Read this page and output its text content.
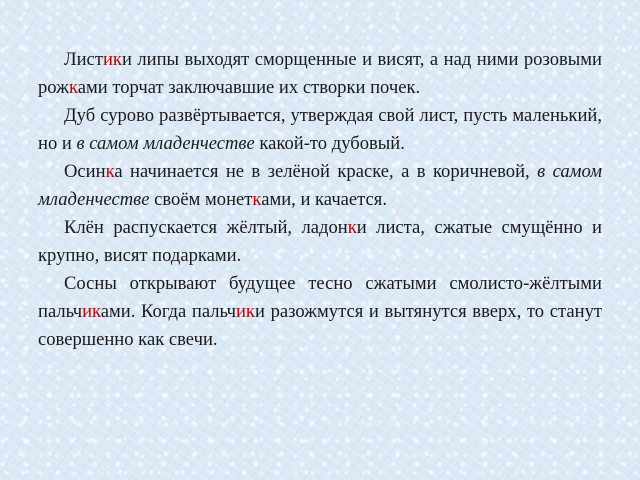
Листики липы выходят сморщенные и висят, а над ними розовыми рожками торчат заключавшие их створки почек.

Дуб сурово развёртывается, утверждая свой лист, пусть маленький, но и в самом младенчестве какой-то дубовый.

Осинка начинается не в зелёной краске, а в коричневой, в самом младенчестве своём монетками, и качается.

Клён распускается жёлтый, ладонки листа, сжатые смущённо и крупно, висят подарками.

Сосны открывают будущее тесно сжатыми смолисто-жёлтыми пальчиками. Когда пальчики разожмутся и вытянутся вверх, то станут совершенно как свечи.
